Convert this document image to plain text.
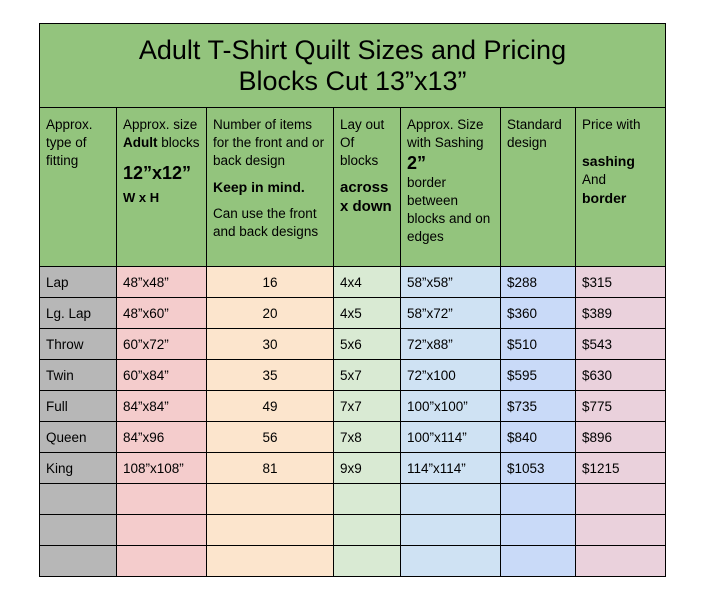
Adult T-Shirt Quilt Sizes and Pricing
Blocks Cut 13”x13”						

Approx. type of fitting	Approx. size Adult blocks
12”x12”
W x H	Number of items for the front and or back design
Keep in mind.
Can use the front and back designs	Lay out Of blocks
across x down	Approx. Size with Sashing
2”
border between blocks and on edges	Standard design	Price with
sashing
And
border

Lap	48”x48”	16	4x4	58”x58”	$288	$315

Lg. Lap	48”x60”	20	4x5	58”x72”	$360	$389

Throw	60”x72”	30	5x6	72”x88”	$510	$543

Twin	60”x84”	35	5x7	72”x100	$595	$630

Full	84”x84”	49	7x7	100”x100”	$735	$775

Queen	84”x96	56	7x8	100”x114”	$840	$896

King	108”x108”	81	9x9	114”x114”	$1053	$1215
